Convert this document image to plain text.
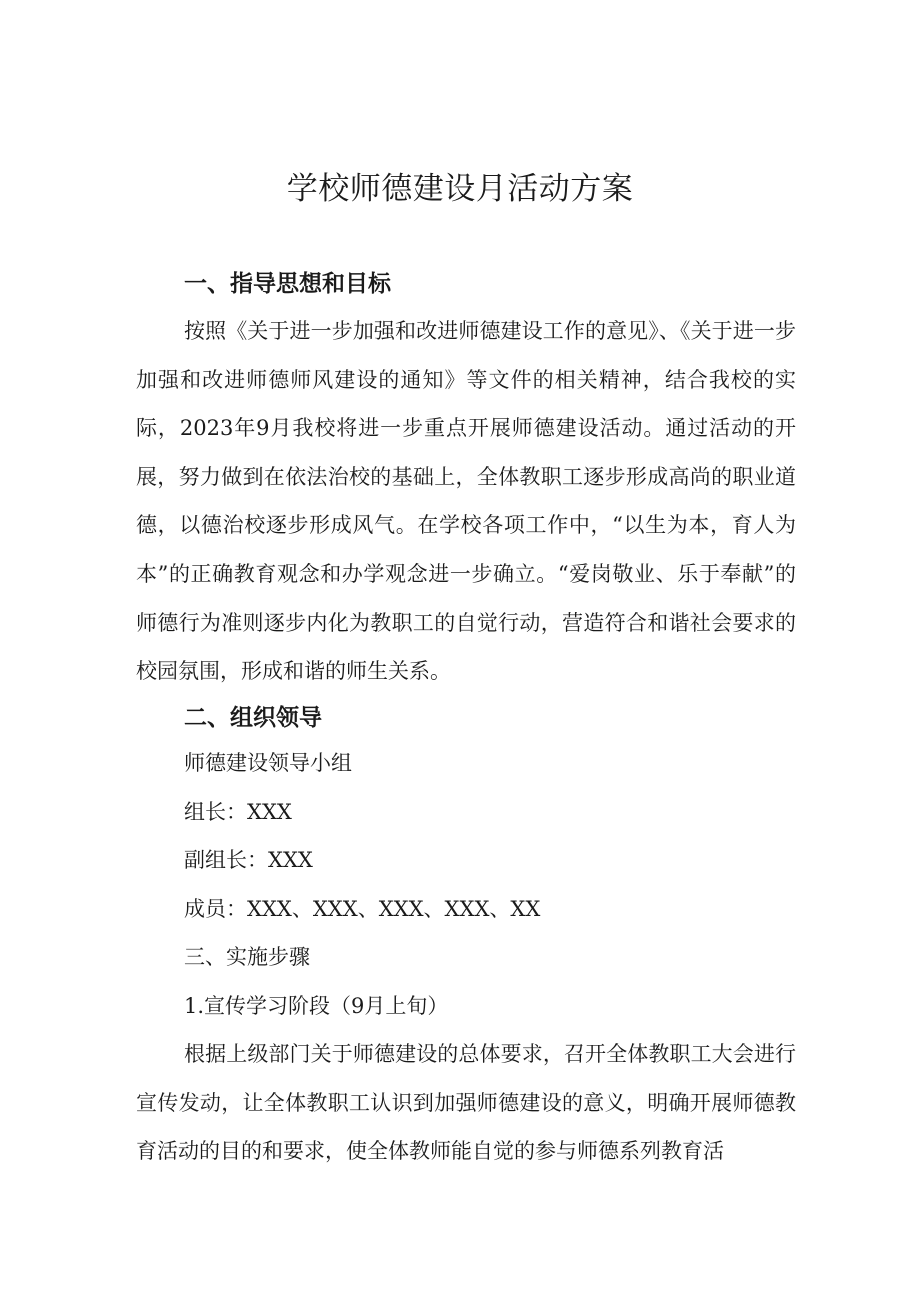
学校师德建设月活动方案
一、指导思想和目标

按照《关于进一步加强和改进师德建设工作的意见》、《关于进一步加强和改进师德师风建设的通知》等文件的相关精神，结合我校的实际，2023年9月我校将进一步重点开展师德建设活动。通过活动的开展，努力做到在依法治校的基础上，全体教职工逐步形成高尚的职业道德，以德治校逐步形成风气。在学校各项工作中，“以生为本，育人为本”的正确教育观念和办学观念进一步确立。“爱岗敬业、乐于奉献”的师德行为准则逐步内化为教职工的自觉行动，营造符合和谐社会要求的校园氛围，形成和谐的师生关系。

二、组织领导

师德建设领导小组

组长：XXX

副组长：XXX

成员：XXX、XXX、XXX、XXX、XX

三、实施步骤

1.宣传学习阶段（9月上旬）

根据上级部门关于师德建设的总体要求，召开全体教职工大会进行宣传发动，让全体教职工认识到加强师德建设的意义，明确开展师德教育活动的目的和要求，使全体教师能自觉的参与师德系列教育活
